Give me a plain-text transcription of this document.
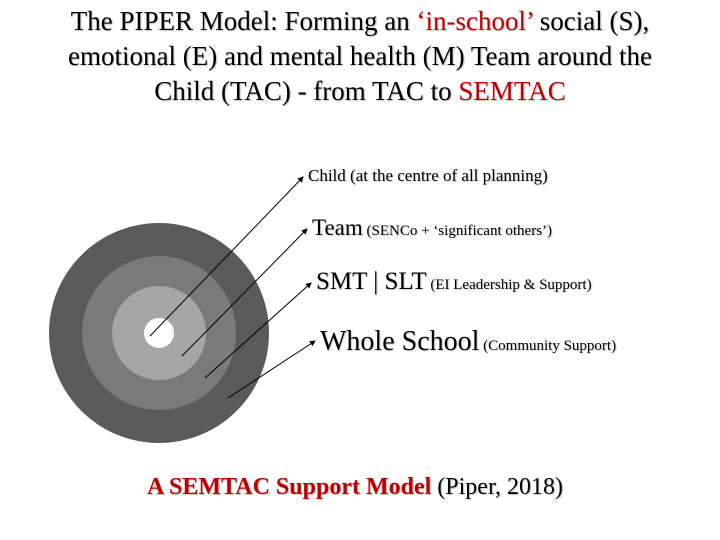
The PIPER Model: Forming an ‘in-school’ social (S),
emotional (E) and mental health (M) Team around the
Child (TAC) - from TAC to SEMTAC
Child (at the centre of all planning)
Team (SENCo + ‘significant others’)
SMT | SLT (EI Leadership & Support)
Whole School (Community Support)
A SEMTAC Support Model (Piper, 2018)
